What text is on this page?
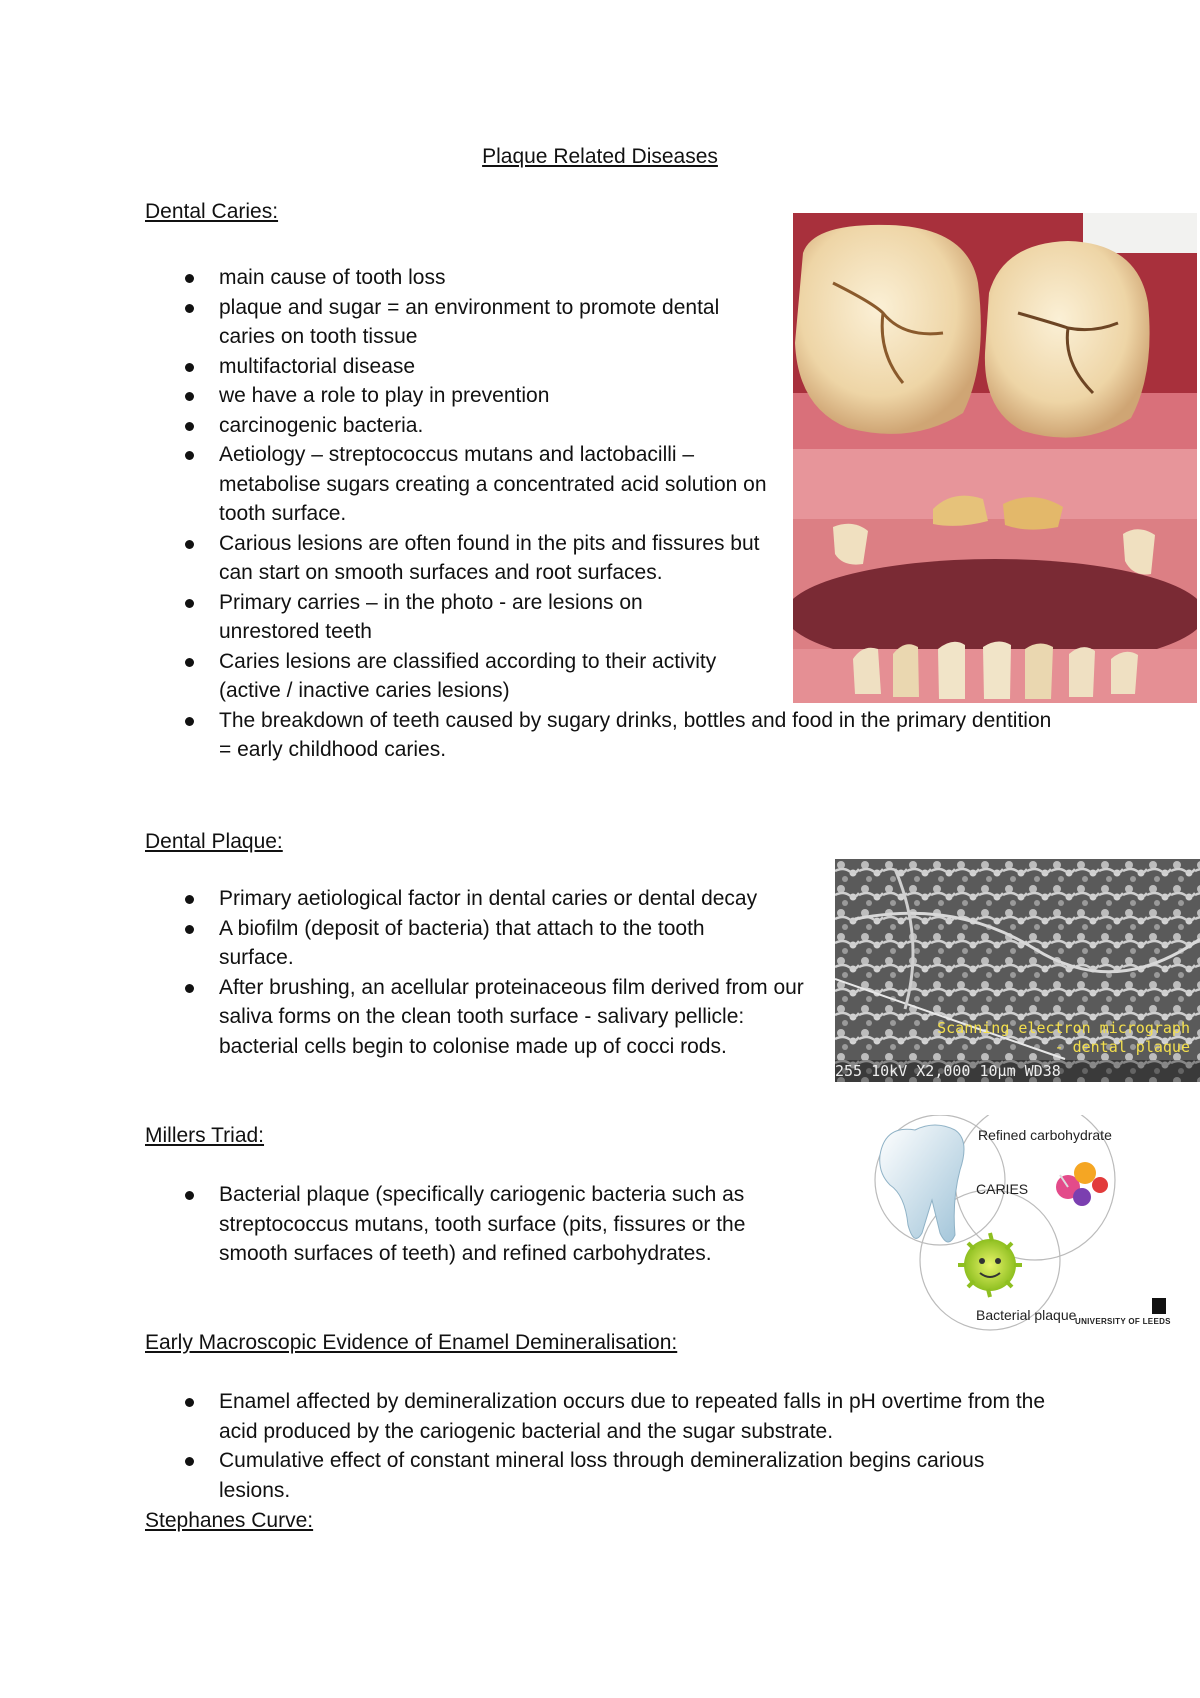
Plaque Related Diseases
Dental Caries:
main cause of tooth loss
plaque and sugar = an environment to promote dental caries on tooth tissue
multifactorial disease
we have a role to play in prevention
carcinogenic bacteria.
Aetiology – streptococcus mutans and lactobacilli – metabolise sugars creating a concentrated acid solution on tooth surface.
Carious lesions are often found in the pits and fissures but can start on smooth surfaces and root surfaces.
Primary carries – in the photo - are lesions on unrestored teeth
Caries lesions are classified according to their activity (active / inactive caries lesions)
The breakdown of teeth caused by sugary drinks, bottles and food in the primary dentition = early childhood caries.
Dental Plaque:
Primary aetiological factor in dental caries or dental decay
A biofilm (deposit of bacteria) that attach to the tooth surface.
After brushing, an acellular proteinaceous film derived from our saliva forms on the clean tooth surface - salivary pellicle: bacterial cells begin to colonise made up of cocci rods.
Scanning electron micrograph
- dental plaque
255 10kV X2,000 10µm WD38
Millers Triad:
Bacterial plaque (specifically cariogenic bacteria such as streptococcus mutans, tooth surface (pits, fissures or the smooth surfaces of teeth) and refined carbohydrates.
Refined carbohydrate
CARIES
Bacterial plaque
UNIVERSITY OF LEEDS
Early Macroscopic Evidence of Enamel Demineralisation:
Enamel affected by demineralization occurs due to repeated falls in pH overtime from the acid produced by the cariogenic bacterial and the sugar substrate.
Cumulative effect of constant mineral loss through demineralization begins carious lesions.
Stephanes Curve:
